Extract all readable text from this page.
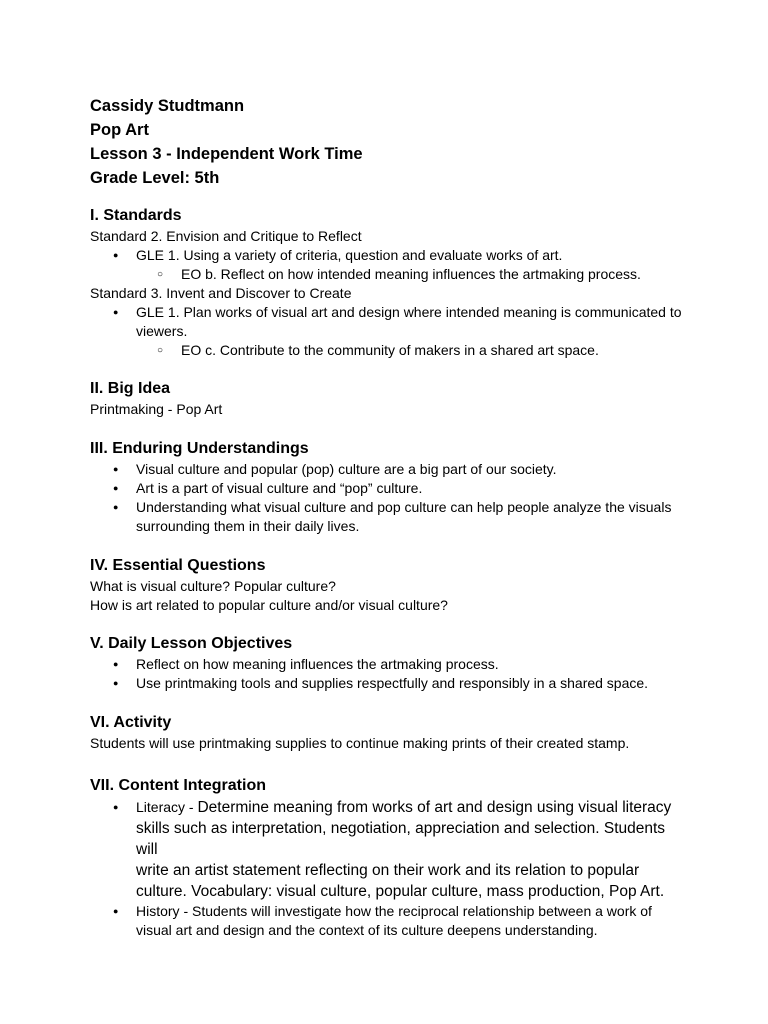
Cassidy Studtmann
Pop Art
Lesson 3 - Independent Work Time
Grade Level: 5th
I. Standards
Standard 2. Envision and Critique to Reflect
● GLE 1. Using a variety of criteria, question and evaluate works of art.
○ EO b. Reflect on how intended meaning influences the artmaking process.
Standard 3. Invent and Discover to Create
● GLE 1. Plan works of visual art and design where intended meaning is communicated to
viewers.
○ EO c. Contribute to the community of makers in a shared art space.
II. Big Idea
Printmaking - Pop Art
III. Enduring Understandings
● Visual culture and popular (pop) culture are a big part of our society.
● Art is a part of visual culture and “pop” culture.
● Understanding what visual culture and pop culture can help people analyze the visuals
surrounding them in their daily lives.
IV. Essential Questions
What is visual culture? Popular culture?
How is art related to popular culture and/or visual culture?
V. Daily Lesson Objectives
● Reflect on how meaning influences the artmaking process.
● Use printmaking tools and supplies respectfully and responsibly in a shared space.
VI. Activity
Students will use printmaking supplies to continue making prints of their created stamp.
VII. Content Integration
● Literacy - Determine meaning from works of art and design using visual literacy
skills such as interpretation, negotiation, appreciation and selection. Students will
write an artist statement reflecting on their work and its relation to popular
culture. Vocabulary: visual culture, popular culture, mass production, Pop Art.
● History - Students will investigate how the reciprocal relationship between a work of
visual art and design and the context of its culture deepens understanding.
